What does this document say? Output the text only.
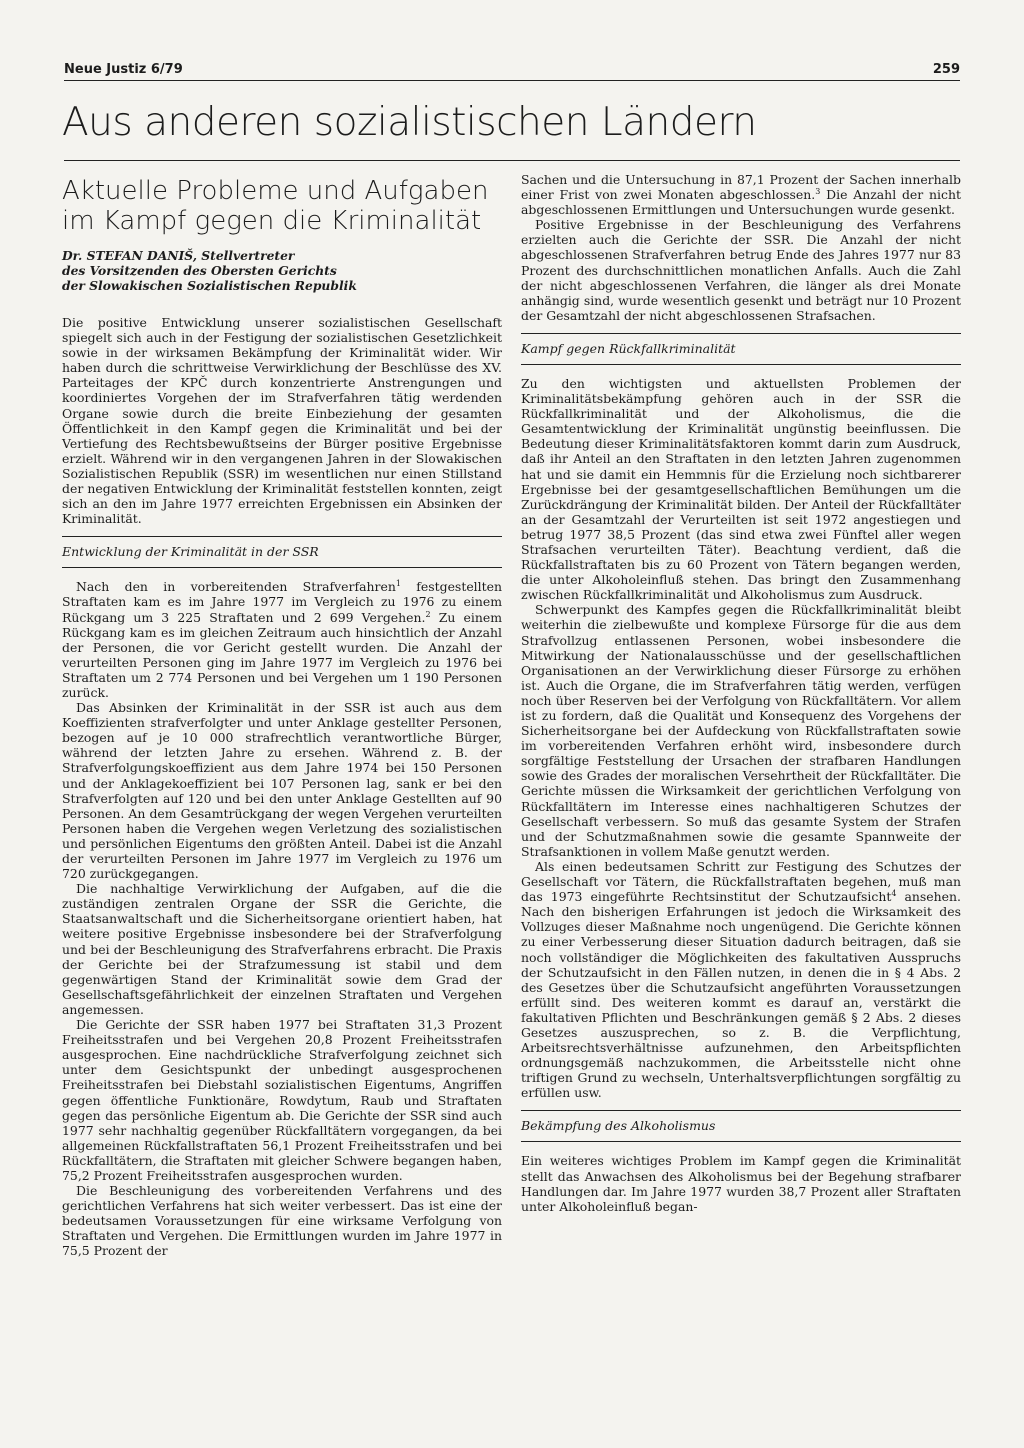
Neue Justiz 6/79	259
Aus anderen sozialistischen Ländern
Aktuelle Probleme und Aufgaben
im Kampf gegen die Kriminalität
Dr. STEFAN DANIŠ, Stellvertreter
des Vorsitzenden des Obersten Gerichts
der Slowakischen Sozialistischen Republik

Die positive Entwicklung unserer sozialistischen Gesellschaft spiegelt sich auch in der Festigung der sozialistischen Gesetzlichkeit sowie in der wirksamen Bekämpfung der Kriminalität wider. Wir haben durch die schrittweise Verwirklichung der Beschlüsse des XV. Parteitages der KPČ durch konzentrierte Anstrengungen und koordiniertes Vorgehen der im Strafverfahren tätig werdenden Organe sowie durch die breite Einbeziehung der gesamten Öffentlichkeit in den Kampf gegen die Kriminalität und bei der Vertiefung des Rechtsbewußtseins der Bürger positive Ergebnisse erzielt. Während wir in den vergangenen Jahren in der Slowakischen Sozialistischen Republik (SSR) im wesentlichen nur einen Stillstand der negativen Entwicklung der Kriminalität feststellen konnten, zeigt sich an den im Jahre 1977 erreichten Ergebnissen ein Absinken der Kriminalität.

Entwicklung der Kriminalität in der SSR

Nach den in vorbereitenden Strafverfahren$^1$ festgestellten Straftaten kam es im Jahre 1977 im Vergleich zu 1976 zu einem Rückgang um 3 225 Straftaten und 2 699 Vergehen.$^2$ Zu einem Rückgang kam es im gleichen Zeitraum auch hinsichtlich der Anzahl der Personen, die vor Gericht gestellt wurden. Die Anzahl der verurteilten Personen ging im Jahre 1977 im Vergleich zu 1976 bei Straftaten um 2 774 Personen und bei Vergehen um 1 190 Personen zurück.

Das Absinken der Kriminalität in der SSR ist auch aus dem Koeffizienten strafverfolgter und unter Anklage gestellter Personen, bezogen auf je 10 000 strafrechtlich verantwortliche Bürger, während der letzten Jahre zu ersehen. Während z. B. der Strafverfolgungskoeffizient aus dem Jahre 1974 bei 150 Personen und der Anklagekoeffizient bei 107 Personen lag, sank er bei den Strafverfolgten auf 120 und bei den unter Anklage Gestellten auf 90 Personen. An dem Gesamtrückgang der wegen Vergehen verurteilten Personen haben die Vergehen wegen Verletzung des sozialistischen und persönlichen Eigentums den größten Anteil. Dabei ist die Anzahl der verurteilten Personen im Jahre 1977 im Vergleich zu 1976 um 720 zurückgegangen.

Die nachhaltige Verwirklichung der Aufgaben, auf die die zuständigen zentralen Organe der SSR die Gerichte, die Staatsanwaltschaft und die Sicherheitsorgane orientiert haben, hat weitere positive Ergebnisse insbesondere bei der Strafverfolgung und bei der Beschleunigung des Strafverfahrens erbracht. Die Praxis der Gerichte bei der Strafzumessung ist stabil und dem gegenwärtigen Stand der Kriminalität sowie dem Grad der Gesellschaftsgefährlichkeit der einzelnen Straftaten und Vergehen angemessen.

Die Gerichte der SSR haben 1977 bei Straftaten 31,3 Prozent Freiheitsstrafen und bei Vergehen 20,8 Prozent Freiheitsstrafen ausgesprochen. Eine nachdrückliche Strafverfolgung zeichnet sich unter dem Gesichtspunkt der unbedingt ausgesprochenen Freiheitsstrafen bei Diebstahl sozialistischen Eigentums, Angriffen gegen öffentliche Funktionäre, Rowdytum, Raub und Straftaten gegen das persönliche Eigentum ab. Die Gerichte der SSR sind auch 1977 sehr nachhaltig gegenüber Rückfalltätern vorgegangen, da bei allgemeinen Rückfallstraftaten 56,1 Prozent Freiheitsstrafen und bei Rückfalltätern, die Straftaten mit gleicher Schwere begangen haben, 75,2 Prozent Freiheitsstrafen ausgesprochen wurden.

Die Beschleunigung des vorbereitenden Verfahrens und des gerichtlichen Verfahrens hat sich weiter verbessert. Das ist eine der bedeutsamen Voraussetzungen für eine wirksame Verfolgung von Straftaten und Vergehen. Die Ermittlungen wurden im Jahre 1977 in 75,5 Prozent der

Sachen und die Untersuchung in 87,1 Prozent der Sachen innerhalb einer Frist von zwei Monaten abgeschlossen.$^3$ Die Anzahl der nicht abgeschlossenen Ermittlungen und Untersuchungen wurde gesenkt.

Positive Ergebnisse in der Beschleunigung des Verfahrens erzielten auch die Gerichte der SSR. Die Anzahl der nicht abgeschlossenen Strafverfahren betrug Ende des Jahres 1977 nur 83 Prozent des durchschnittlichen monatlichen Anfalls. Auch die Zahl der nicht abgeschlossenen Verfahren, die länger als drei Monate anhängig sind, wurde wesentlich gesenkt und beträgt nur 10 Prozent der Gesamtzahl der nicht abgeschlossenen Strafsachen.

Kampf gegen Rückfallkriminalität

Zu den wichtigsten und aktuellsten Problemen der Kriminalitätsbekämpfung gehören auch in der SSR die Rückfallkriminalität und der Alkoholismus, die die Gesamtentwicklung der Kriminalität ungünstig beeinflussen. Die Bedeutung dieser Kriminalitätsfaktoren kommt darin zum Ausdruck, daß ihr Anteil an den Straftaten in den letzten Jahren zugenommen hat und sie damit ein Hemmnis für die Erzielung noch sichtbarerer Ergebnisse bei der gesamtgesellschaftlichen Bemühungen um die Zurückdrängung der Kriminalität bilden. Der Anteil der Rückfalltäter an der Gesamtzahl der Verurteilten ist seit 1972 angestiegen und betrug 1977 38,5 Prozent (das sind etwa zwei Fünftel aller wegen Strafsachen verurteilten Täter). Beachtung verdient, daß die Rückfallstraftaten bis zu 60 Prozent von Tätern begangen werden, die unter Alkoholeinfluß stehen. Das bringt den Zusammenhang zwischen Rückfallkriminalität und Alkoholismus zum Ausdruck.

Schwerpunkt des Kampfes gegen die Rückfallkriminalität bleibt weiterhin die zielbewußte und komplexe Fürsorge für die aus dem Strafvollzug entlassenen Personen, wobei insbesondere die Mitwirkung der Nationalausschüsse und der gesellschaftlichen Organisationen an der Verwirklichung dieser Fürsorge zu erhöhen ist. Auch die Organe, die im Strafverfahren tätig werden, verfügen noch über Reserven bei der Verfolgung von Rückfalltätern. Vor allem ist zu fordern, daß die Qualität und Konsequenz des Vorgehens der Sicherheitsorgane bei der Aufdeckung von Rückfallstraftaten sowie im vorbereitenden Verfahren erhöht wird, insbesondere durch sorgfältige Feststellung der Ursachen der strafbaren Handlungen sowie des Grades der moralischen Versehrtheit der Rückfalltäter. Die Gerichte müssen die Wirksamkeit der gerichtlichen Verfolgung von Rückfalltätern im Interesse eines nachhaltigeren Schutzes der Gesellschaft verbessern. So muß das gesamte System der Strafen und der Schutzmaßnahmen sowie die gesamte Spannweite der Strafsanktionen in vollem Maße genutzt werden.

Als einen bedeutsamen Schritt zur Festigung des Schutzes der Gesellschaft vor Tätern, die Rückfallstraftaten begehen, muß man das 1973 eingeführte Rechtsinstitut der Schutzaufsicht$^4$ ansehen. Nach den bisherigen Erfahrungen ist jedoch die Wirksamkeit des Vollzuges dieser Maßnahme noch ungenügend. Die Gerichte können zu einer Verbesserung dieser Situation dadurch beitragen, daß sie noch vollständiger die Möglichkeiten des fakultativen Ausspruchs der Schutzaufsicht in den Fällen nutzen, in denen die in § 4 Abs. 2 des Gesetzes über die Schutzaufsicht angeführten Voraussetzungen erfüllt sind. Des weiteren kommt es darauf an, verstärkt die fakultativen Pflichten und Beschränkungen gemäß § 2 Abs. 2 dieses Gesetzes auszusprechen, so z. B. die Verpflichtung, Arbeitsrechtsverhältnisse aufzunehmen, den Arbeitspflichten ordnungsgemäß nachzukommen, die Arbeitsstelle nicht ohne triftigen Grund zu wechseln, Unterhaltsverpflichtungen sorgfältig zu erfüllen usw.

Bekämpfung des Alkoholismus

Ein weiteres wichtiges Problem im Kampf gegen die Kriminalität stellt das Anwachsen des Alkoholismus bei der Begehung strafbarer Handlungen dar. Im Jahre 1977 wurden 38,7 Prozent aller Straftaten unter Alkoholeinfluß began-
